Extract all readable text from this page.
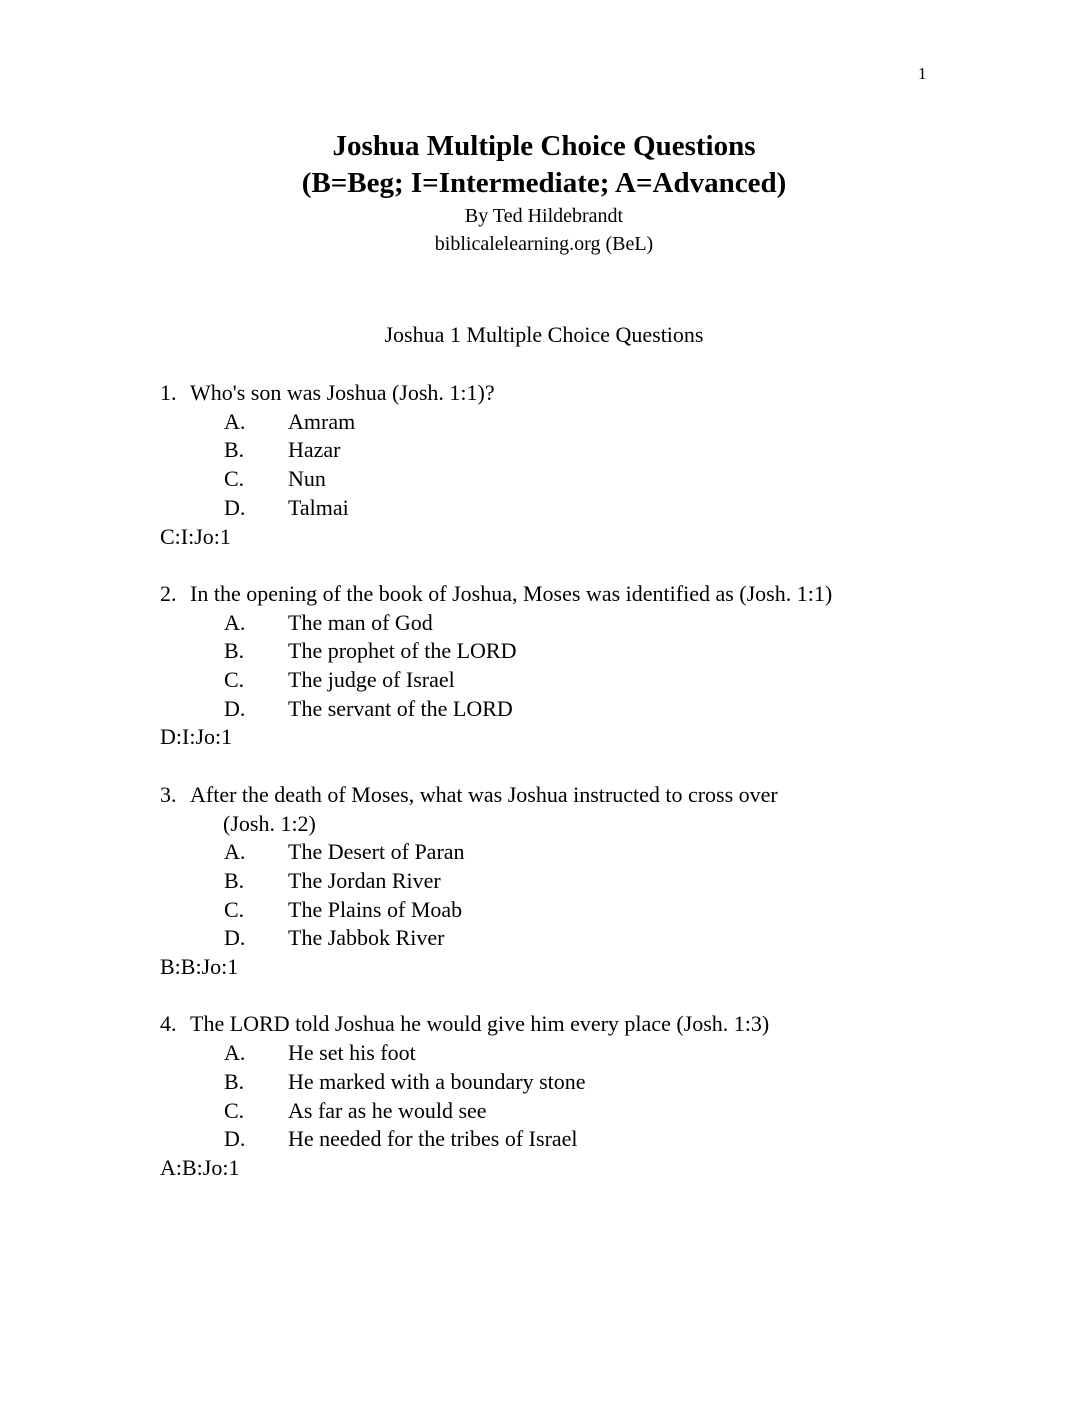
1
Joshua Multiple Choice Questions
(B=Beg; I=Intermediate; A=Advanced)
By Ted Hildebrandt
biblicalelearning.org (BeL)
Joshua 1 Multiple Choice Questions
1. Who's son was Joshua (Josh. 1:1)?
A.	Amram
B.	Hazar
C.	Nun
D.	Talmai
C:I:Jo:1
2. In the opening of the book of Joshua, Moses was identified as (Josh. 1:1)
A.	The man of God
B.	The prophet of the LORD
C.	The judge of Israel
D.	The servant of the LORD
D:I:Jo:1
3. After the death of Moses, what was Joshua instructed to cross over
(Josh. 1:2)
A.	The Desert of Paran
B.	The Jordan River
C.	The Plains of Moab
D.	The Jabbok River
B:B:Jo:1
4. The LORD told Joshua he would give him every place (Josh. 1:3)
A.	He set his foot
B.	He marked with a boundary stone
C.	As far as he would see
D.	He needed for the tribes of Israel
A:B:Jo:1
